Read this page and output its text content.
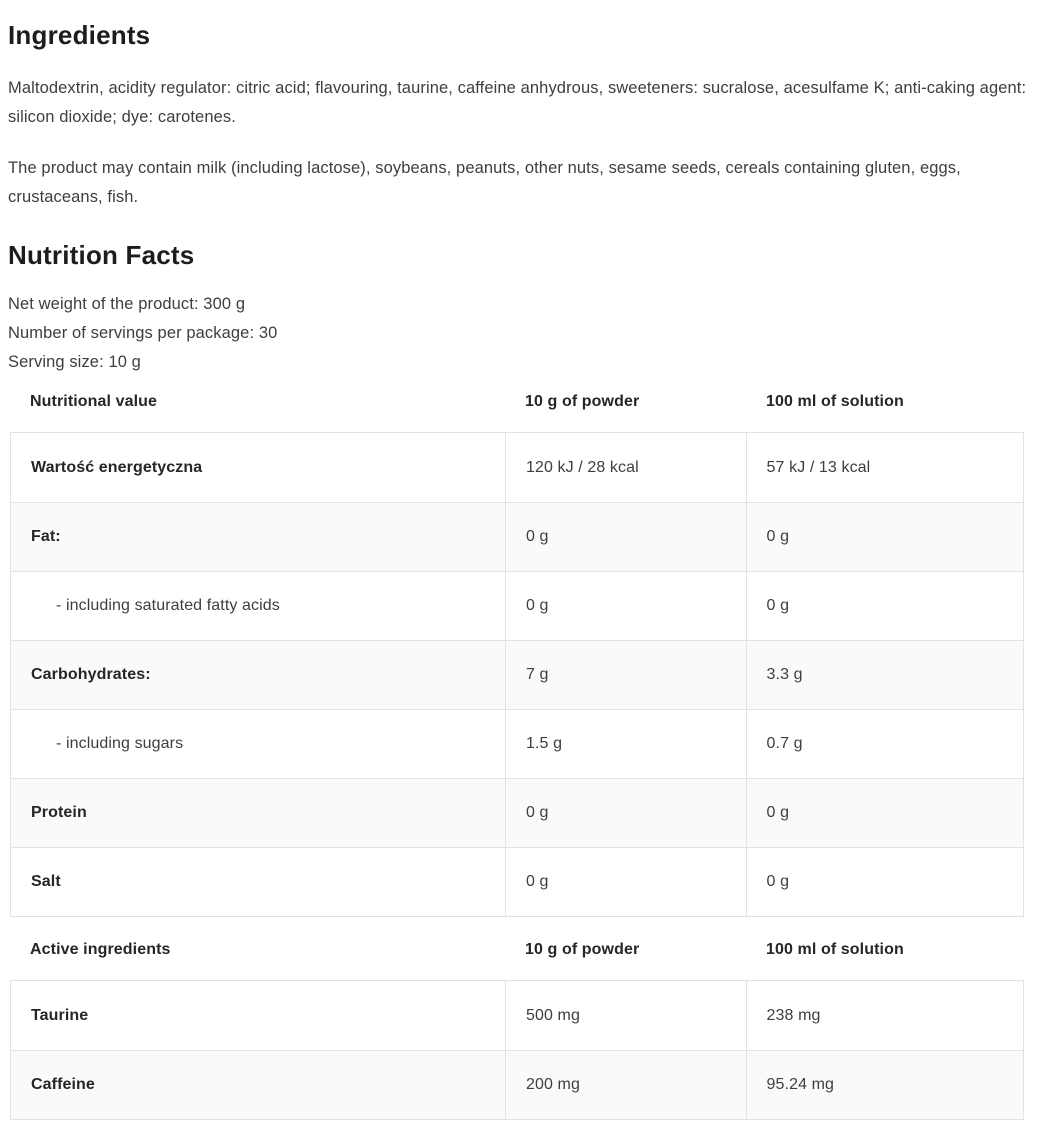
Ingredients

Maltodextrin, acidity regulator: citric acid; flavouring, taurine, caffeine anhydrous, sweeteners: sucralose, acesulfame K; anti-caking agent: silicon dioxide; dye: carotenes.

The product may contain milk (including lactose), soybeans, peanuts, other nuts, sesame seeds, cereals containing gluten, eggs, crustaceans, fish.

Nutrition Facts
Net weight of the product: 300 g
Number of servings per package: 30
Serving size: 10 g
Nutritional value	10 g of powder	100 ml of solution
Wartość energetyczna	120 kJ / 28 kcal	57 kJ / 13 kcal
Fat:	0 g	0 g
- including saturated fatty acids	0 g	0 g
Carbohydrates:	7 g	3.3 g
- including sugars	1.5 g	0.7 g
Protein	0 g	0 g
Salt	0 g	0 g
Active ingredients	10 g of powder	100 ml of solution
Taurine	500 mg	238 mg
Caffeine	200 mg	95.24 mg
